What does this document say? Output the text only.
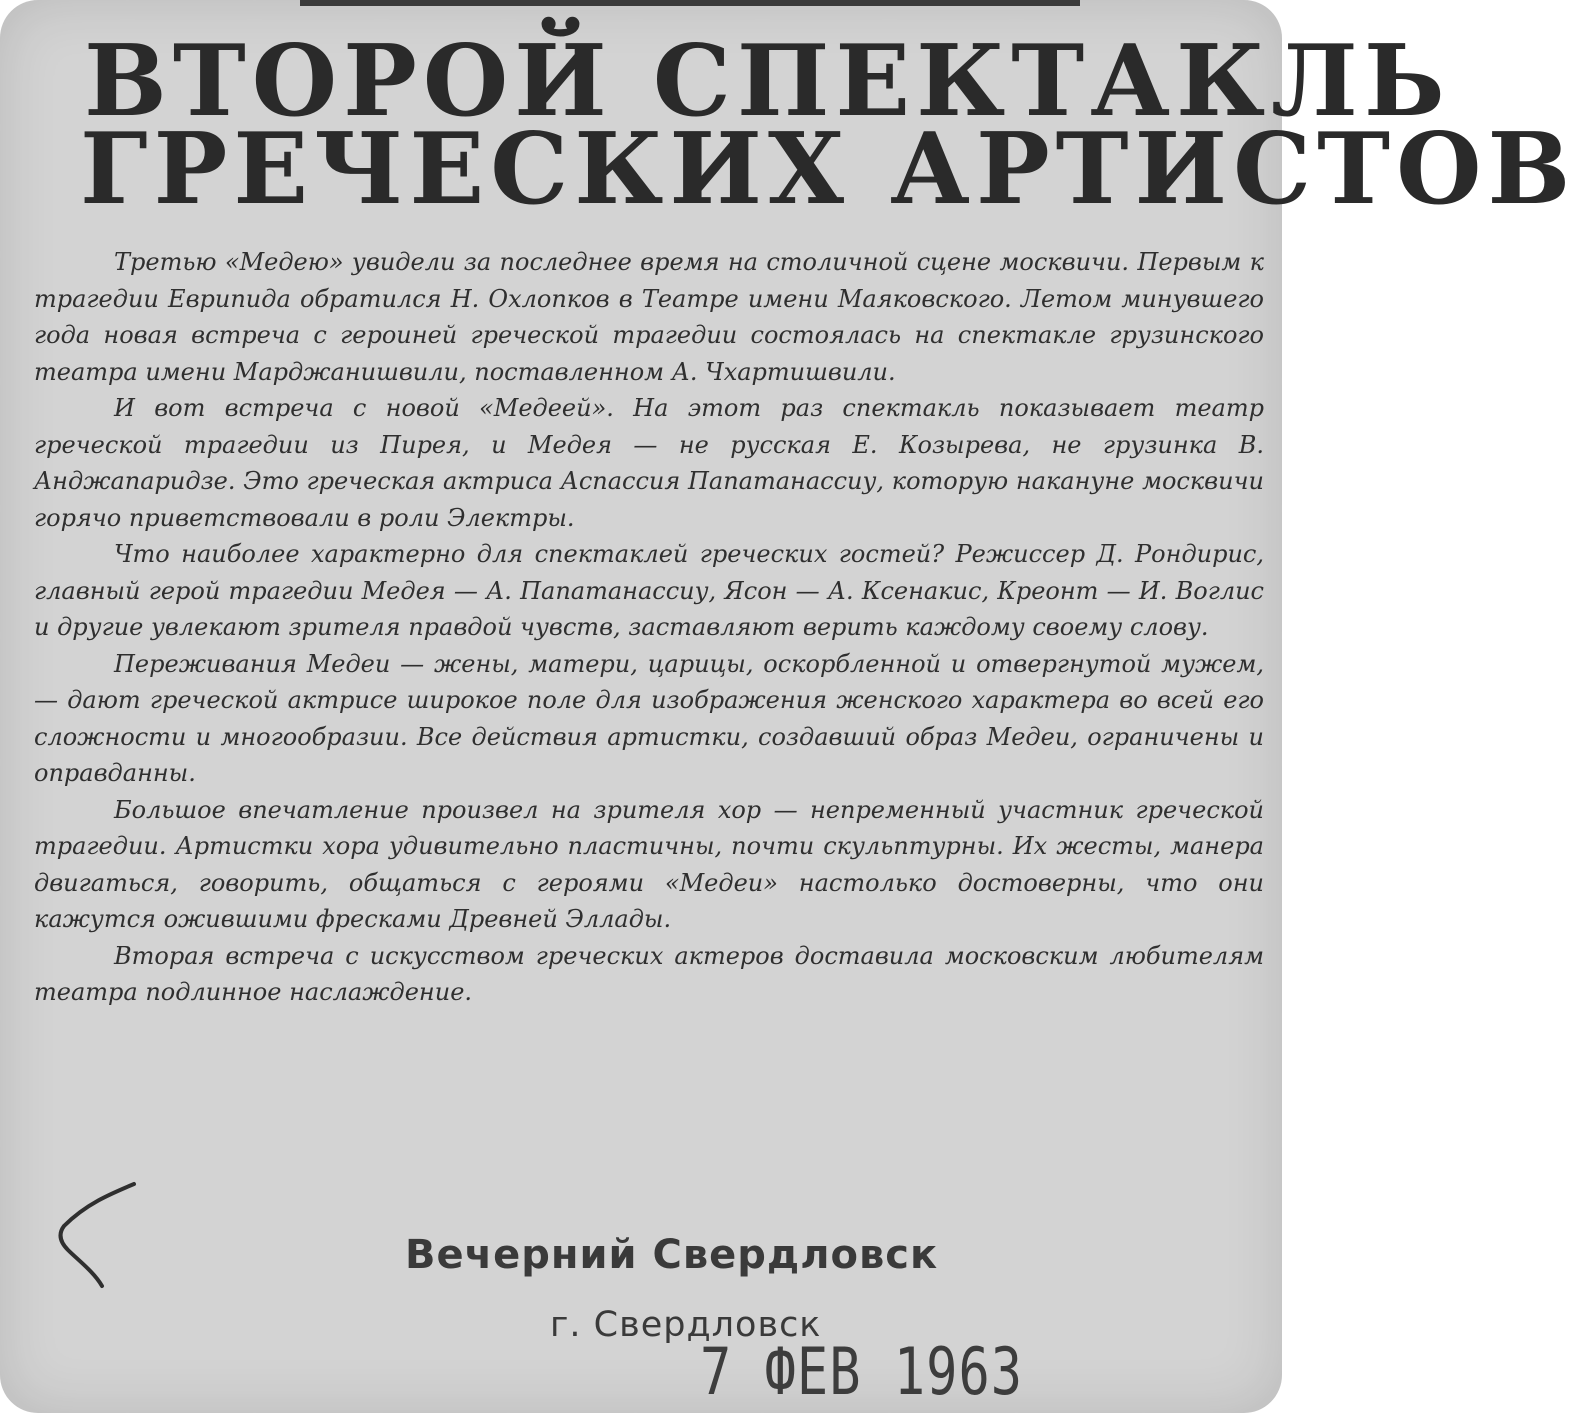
ВТОРОЙ СПЕКТАКЛЬ
ГРЕЧЕСКИХ АРТИСТОВ

Третью «Медею» увидели за последнее время на столичной сцене москвичи. Первым к трагедии Еврипида обратился Н. Охлопков в Театре имени Маяковского. Летом минувшего года новая встреча с героиней греческой трагедии состоялась на спектакле грузинского театра имени Марджанишвили, поставленном А. Чхартишвили.

И вот встреча с новой «Медеей». На этот раз спектакль показывает театр греческой трагедии из Пирея, и Медея — не русская Е. Козырева, не грузинка В. Анджапаридзе. Это греческая актриса Аспассия Папатанассиу, которую накануне москвичи горячо приветствовали в роли Электры.

Что наиболее характерно для спектаклей греческих гостей? Режиссер Д. Рондирис, главный герой трагедии Медея — А. Папатанассиу, Ясон — А. Ксенакис, Креонт — И. Воглис и другие увлекают зрителя правдой чувств, заставляют верить каждому своему слову.

Переживания Медеи — жены, матери, царицы, оскорбленной и отвергнутой мужем, — дают греческой актрисе широкое поле для изображения женского характера во всей его сложности и многообразии. Все действия артистки, создавший образ Медеи, ограничены и оправданны.

Большое впечатление произвел на зрителя хор — непременный участник греческой трагедии. Артистки хора удивительно пластичны, почти скульптурны. Их жесты, манера двигаться, говорить, общаться с героями «Медеи» настолько достоверны, что они кажутся ожившими фресками Древней Эллады.

Вторая встреча с искусством греческих актеров доставила московским любителям театра подлинное наслаждение.

Вечерний Свердловск
г. Свердловск
7 ФЕВ 1963
